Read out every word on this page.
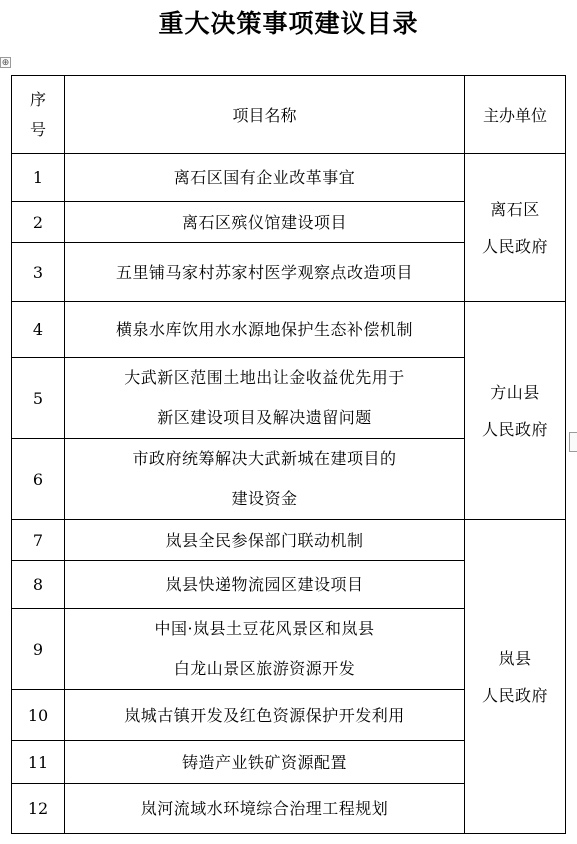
重大决策事项建议目录
⊕
序
号	项目名称	主办单位
1	离石区国有企业改革事宜	离石区
人民政府

2	离石区殡仪馆建设项目	

3	五里铺马家村苏家村医学观察点改造项目	

4	横泉水库饮用水水源地保护生态补偿机制	方山县
人民政府

5	大武新区范围土地出让金收益优先用于
新区建设项目及解决遗留问题	

6	市政府统筹解决大武新城在建项目的
建设资金	

7	岚县全民参保部门联动机制	岚县
人民政府

8	岚县快递物流园区建设项目	

9	中国·岚县土豆花风景区和岚县
白龙山景区旅游资源开发	

10	岚城古镇开发及红色资源保护开发利用	

11	铸造产业铁矿资源配置	

12	岚河流域水环境综合治理工程规划	
